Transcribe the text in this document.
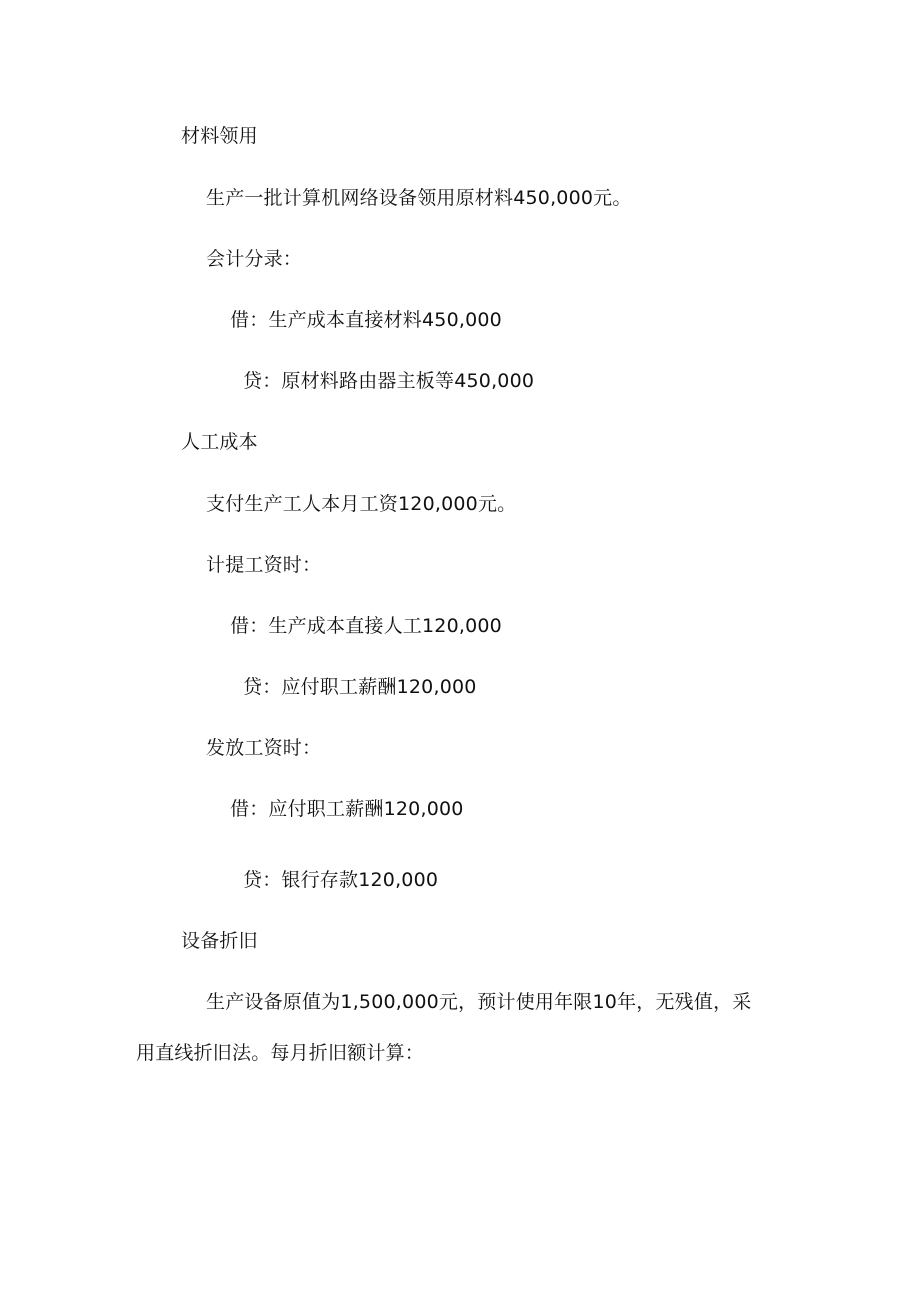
材料领用
生产一批计算机网络设备领用原材料450,000元。
会计分录：
借：生产成本直接材料450,000
贷：原材料路由器主板等450,000
人工成本
支付生产工人本月工资120,000元。
计提工资时：
借：生产成本直接人工120,000
贷：应付职工薪酬120,000
发放工资时：
借：应付职工薪酬120,000
贷：银行存款120,000
设备折旧
生产设备原值为1,500,000元，预计使用年限10年，无残值，采
用直线折旧法。每月折旧额计算：
